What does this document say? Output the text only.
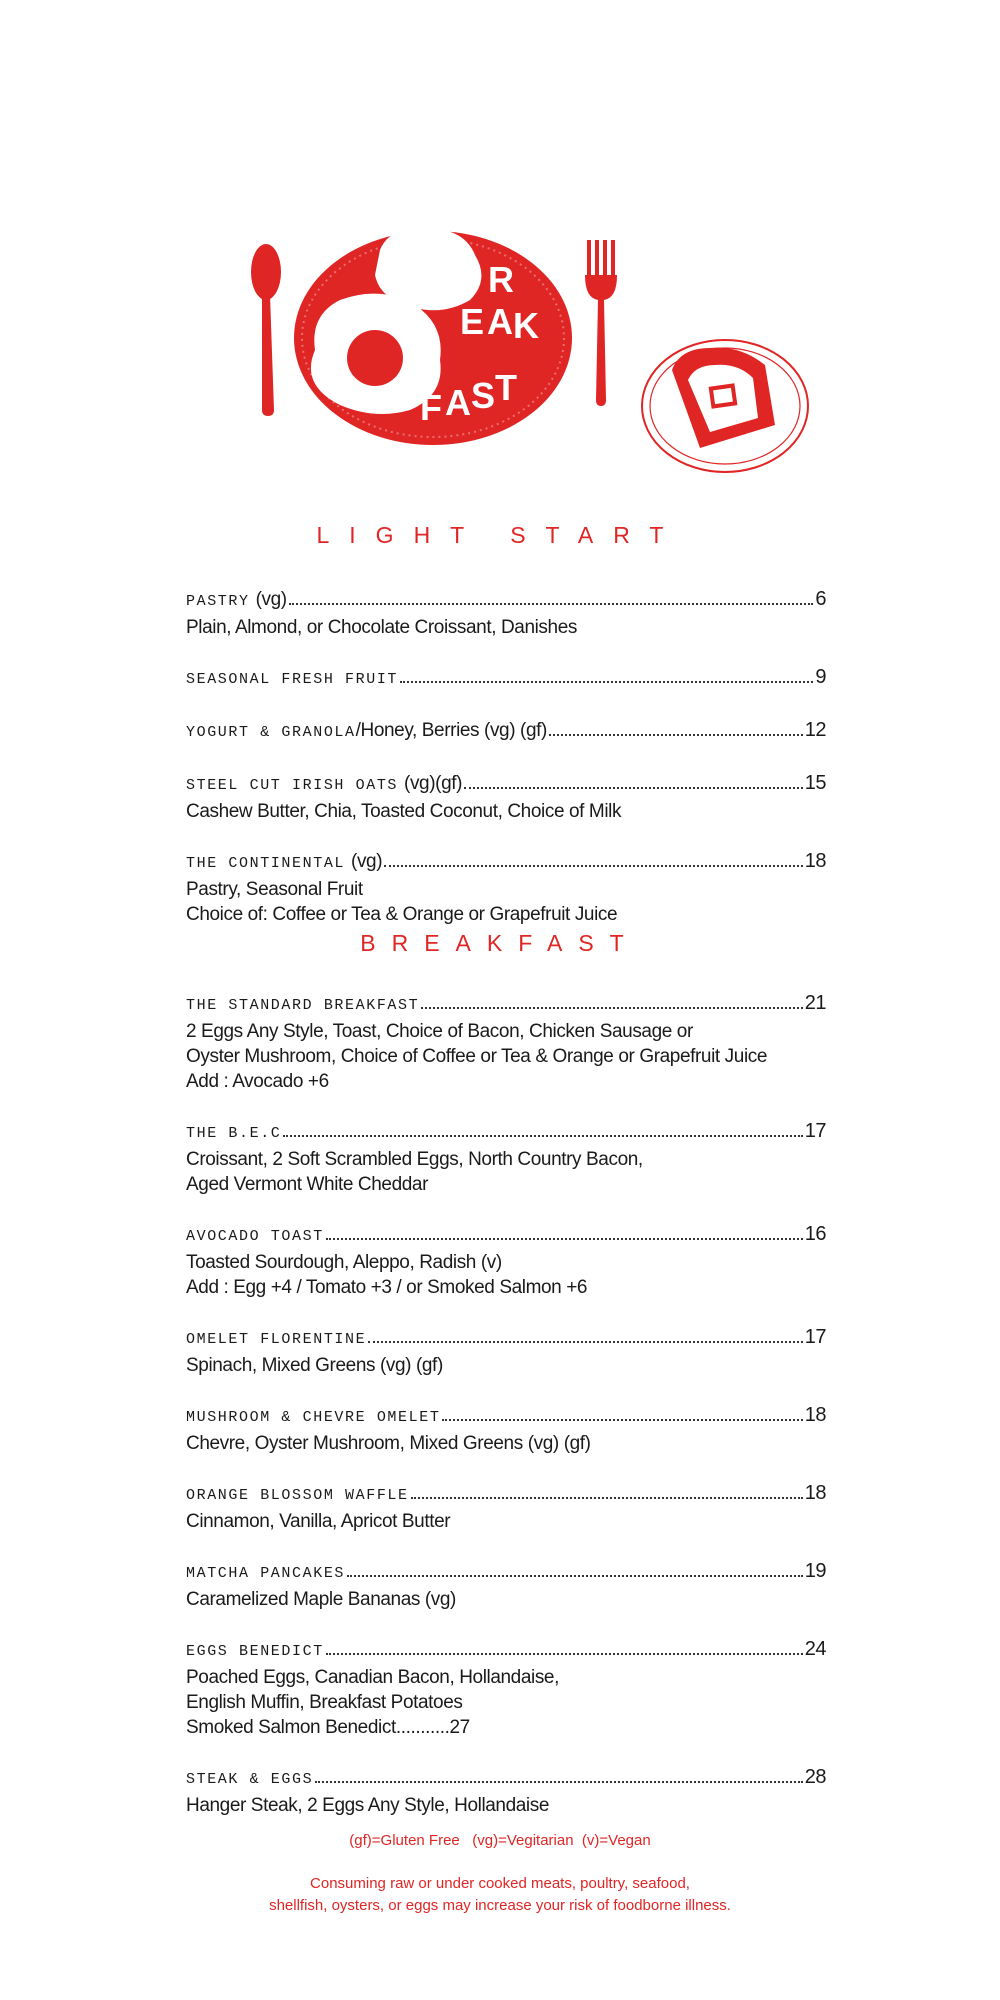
B R
E A K
F A S T
LIGHT START
PASTRY (vg)	6

Plain, Almond, or Chocolate Croissant, Danishes

SEASONAL FRESH FRUIT	9
YOGURT & GRANOLA /Honey, Berries (vg) (gf)	12
STEEL CUT IRISH OATS (vg)(gf)	15

Cashew Butter, Chia, Toasted Coconut, Choice of Milk

THE CONTINENTAL (vg)	18

Pastry, Seasonal Fruit

Choice of: Coffee or Tea & Orange or Grapefruit Juice

BREAKFAST
THE STANDARD BREAKFAST	21

2 Eggs Any Style, Toast, Choice of Bacon, Chicken Sausage or

Oyster Mushroom, Choice of Coffee or Tea & Orange or Grapefruit Juice

Add : Avocado +6

THE B.E.C	17

Croissant, 2 Soft Scrambled Eggs, North Country Bacon,

Aged Vermont White Cheddar

AVOCADO TOAST	16

Toasted Sourdough, Aleppo, Radish (v)

Add : Egg +4 / Tomato +3 / or Smoked Salmon +6

OMELET FLORENTINE	17

Spinach, Mixed Greens (vg) (gf)

MUSHROOM & CHEVRE OMELET	18

Chevre, Oyster Mushroom, Mixed Greens (vg) (gf)

ORANGE BLOSSOM WAFFLE	18

Cinnamon, Vanilla, Apricot Butter

MATCHA PANCAKES	19

Caramelized Maple Bananas (vg)

EGGS BENEDICT	24

Poached Eggs, Canadian Bacon, Hollandaise,

English Muffin, Breakfast Potatoes

Smoked Salmon Benedict...........27

STEAK & EGGS	28

Hanger Steak, 2 Eggs Any Style, Hollandaise

(gf)=Gluten Free   (vg)=Vegitarian  (v)=Vegan
Consuming raw or under cooked meats, poultry, seafood,
shellfish, oysters, or eggs may increase your risk of foodborne illness.
